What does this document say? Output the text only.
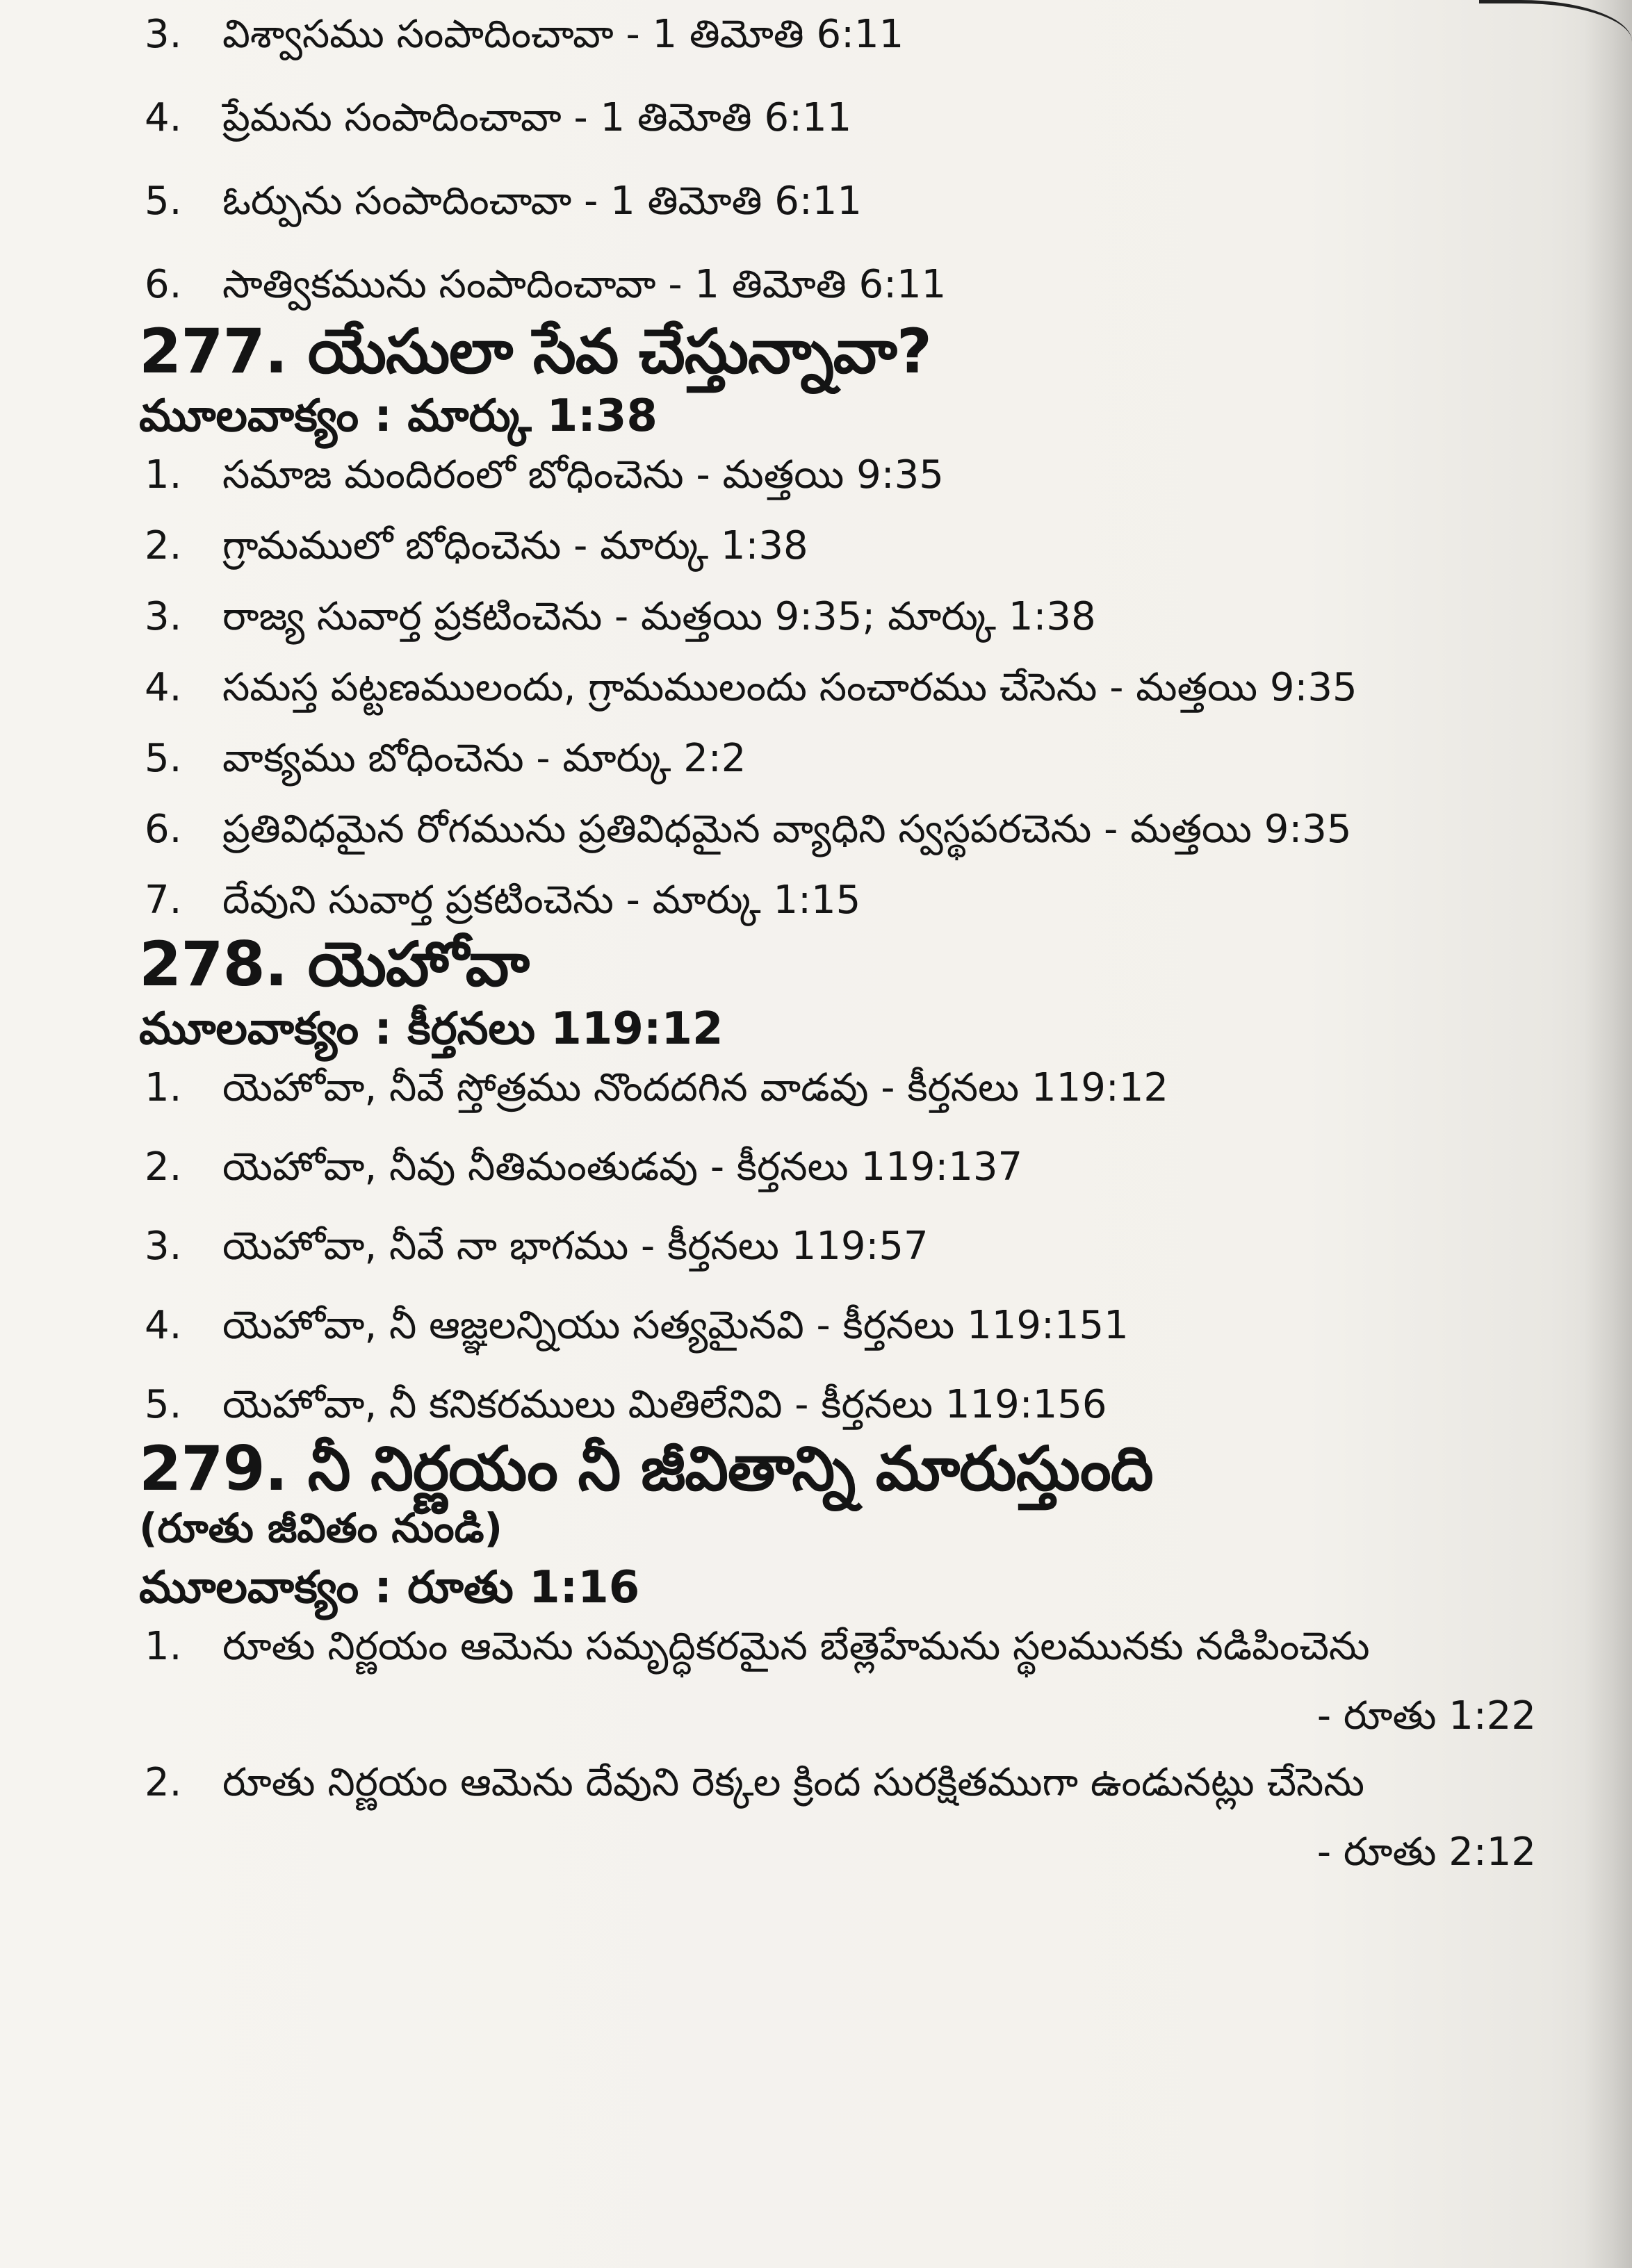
3.	విశ్వాసము సంపాదించావా - 1 తిమోతి 6:11
4.	ప్రేమను సంపాదించావా - 1 తిమోతి 6:11
5.	ఓర్పును సంపాదించావా - 1 తిమోతి 6:11
6.	సాత్వికమును సంపాదించావా - 1 తిమోతి 6:11
277. యేసులా సేవ చేస్తున్నావా?
మూలవాక్యం : మార్కు 1:38
1.	సమాజ మందిరంలో బోధించెను - మత్తయి 9:35
2.	గ్రామములో బోధించెను - మార్కు 1:38
3.	రాజ్య సువార్త ప్రకటించెను - మత్తయి 9:35; మార్కు 1:38
4.	సమస్త పట్టణములందు, గ్రామములందు సంచారము చేసెను - మత్తయి 9:35
5.	వాక్యము బోధించెను - మార్కు 2:2
6.	ప్రతివిధమైన రోగమును ప్రతివిధమైన వ్యాధిని స్వస్థపరచెను - మత్తయి 9:35
7.	దేవుని సువార్త ప్రకటించెను - మార్కు 1:15
278. యెహోవా
మూలవాక్యం : కీర్తనలు 119:12
1.	యెహోవా, నీవే స్తోత్రము నొందదగిన వాడవు - కీర్తనలు 119:12
2.	యెహోవా, నీవు నీతిమంతుడవు - కీర్తనలు 119:137
3.	యెహోవా, నీవే నా భాగము - కీర్తనలు 119:57
4.	యెహోవా, నీ ఆజ్ఞలన్నియు సత్యమైనవి - కీర్తనలు 119:151
5.	యెహోవా, నీ కనికరములు మితిలేనివి - కీర్తనలు 119:156
279. నీ నిర్ణయం నీ జీవితాన్ని మారుస్తుంది
(రూతు జీవితం నుండి)
మూలవాక్యం : రూతు 1:16
1.	రూతు నిర్ణయం ఆమెను సమృద్ధికరమైన బేత్లెహేమను స్థలమునకు నడిపించెను
- రూతు 1:22
2.	రూతు నిర్ణయం ఆమెను దేవుని రెక్కల క్రింద సురక్షితముగా ఉండునట్లు చేసెను
- రూతు 2:12
